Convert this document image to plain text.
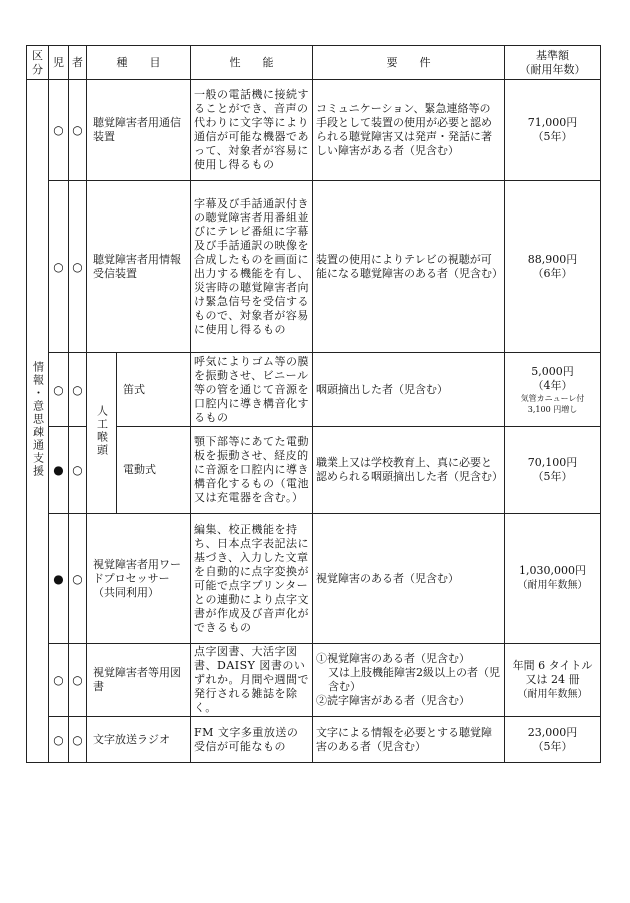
区分	児	者	種　　目		性　　能	要　　件	基準額
（耐用年数）
情報・意思疎通支援	○	○	聴覚障害者用通信装置		一般の電話機に接続することができ、音声の代わりに文字等により通信が可能な機器であって、対象者が容易に使用し得るもの	コミュニケーション、緊急連絡等の手段として装置の使用が必要と認められる聴覚障害又は発声・発話に著しい障害がある者（児含む）	71,000円
（5年）
	○	○	聴覚障害者用情報受信装置		字幕及び手話通訳付きの聴覚障害者用番組並びにテレビ番組に字幕及び手話通訳の映像を合成したものを画面に出力する機能を有し、災害時の聴覚障害者向け緊急信号を受信するもので、対象者が容易に使用し得るもの	装置の使用によりテレビの視聴が可能になる聴覚障害のある者（児含む）	88,900円
（6年）
	○	○	人工喉頭	笛式	呼気によりゴム等の膜を振動させ、ビニール等の管を通じて音源を口腔内に導き構音化するもの	咽頭摘出した者（児含む）	5,000円
（4年）
気管カニューレ付 3,100 円増し

	●	○		電動式	顎下部等にあてた電動板を振動させ、経皮的に音源を口腔内に導き構音化するもの（電池又は充電器を含む。）	職業上又は学校教育上、真に必要と認められる咽頭摘出した者（児含む）	70,100円
（5年）
	●	○	視覚障害者用ワードプロセッサー（共同利用）		編集、校正機能を持ち、日本点字表記法に基づき、入力した文章を自動的に点字変換が可能で点字プリンターとの連動により点字文書が作成及び音声化ができるもの	視覚障害のある者（児含む）	1,030,000円
（耐用年数無）
	○	○	視覚障害者等用図書		点字図書、大活字図書、DAISY 図書のいずれか。月間や週間で発行される雑誌を除く。	①視覚障害のある者（児含む）

又は上肢機能障害2級以上の者（児含む）
②読字障害がある者（児含む）	年間 6 タイトル又は 24 冊
（耐用年数無）
	○	○	文字放送ラジオ		FM 文字多重放送の受信が可能なもの	文字による情報を必要とする聴覚障害のある者（児含む）	23,000円
（5年）
